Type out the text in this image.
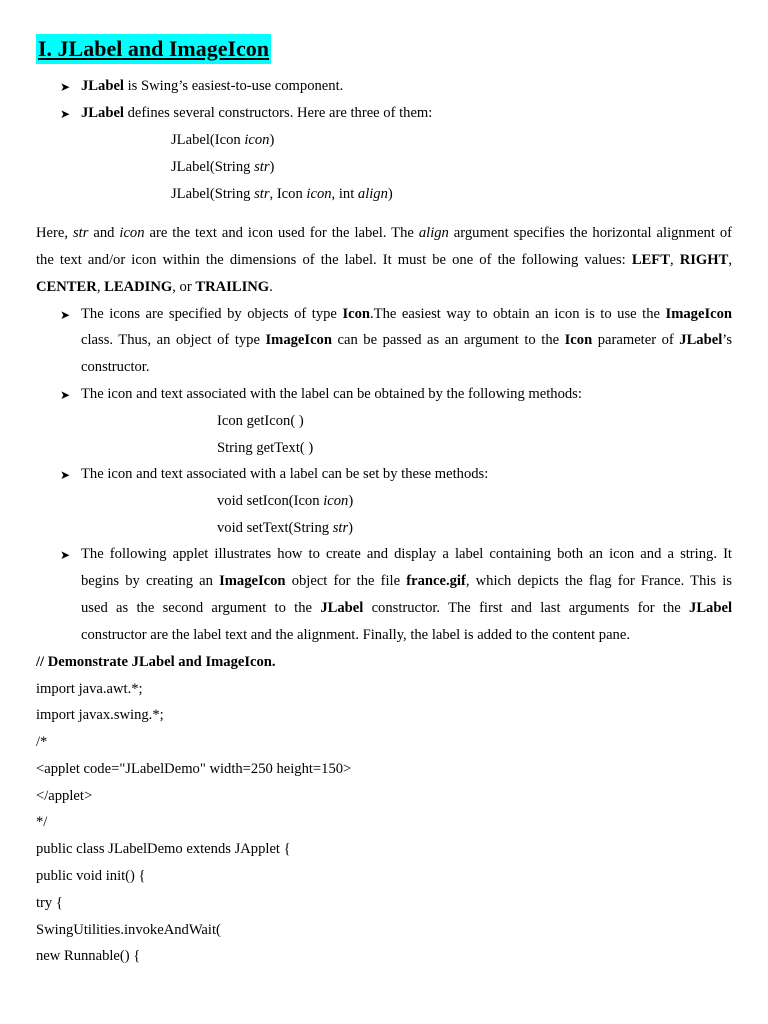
I. JLabel and ImageIcon
➤ JLabel is Swing’s easiest-to-use component.
➤ JLabel defines several constructors. Here are three of them:
JLabel(Icon icon)
JLabel(String str)
JLabel(String str, Icon icon, int align)
Here, str and icon are the text and icon used for the label. The align argument specifies the horizontal alignment of
the text and/or icon within the dimensions of the label. It must be one of the following values: LEFT, RIGHT,
CENTER, LEADING, or TRAILING.
➤ The icons are specified by objects of type Icon.The easiest way to obtain an icon is to use the ImageIcon
class. Thus, an object of type ImageIcon can be passed as an argument to the Icon parameter of JLabel’s
constructor.
➤ The icon and text associated with the label can be obtained by the following methods:
Icon getIcon( )
String getText( )
➤ The icon and text associated with a label can be set by these methods:
void setIcon(Icon icon)
void setText(String str)
➤ The following applet illustrates how to create and display a label containing both an icon and a string. It
begins by creating an ImageIcon object for the file france.gif, which depicts the flag for France. This is
used as the second argument to the JLabel constructor. The first and last arguments for the JLabel
constructor are the label text and the alignment. Finally, the label is added to the content pane.
// Demonstrate JLabel and ImageIcon.
import java.awt.*;
import javax.swing.*;
/*
<applet code="JLabelDemo" width=250 height=150>
</applet>
*/
public class JLabelDemo extends JApplet {
public void init() {
try {
SwingUtilities.invokeAndWait(
new Runnable() {
